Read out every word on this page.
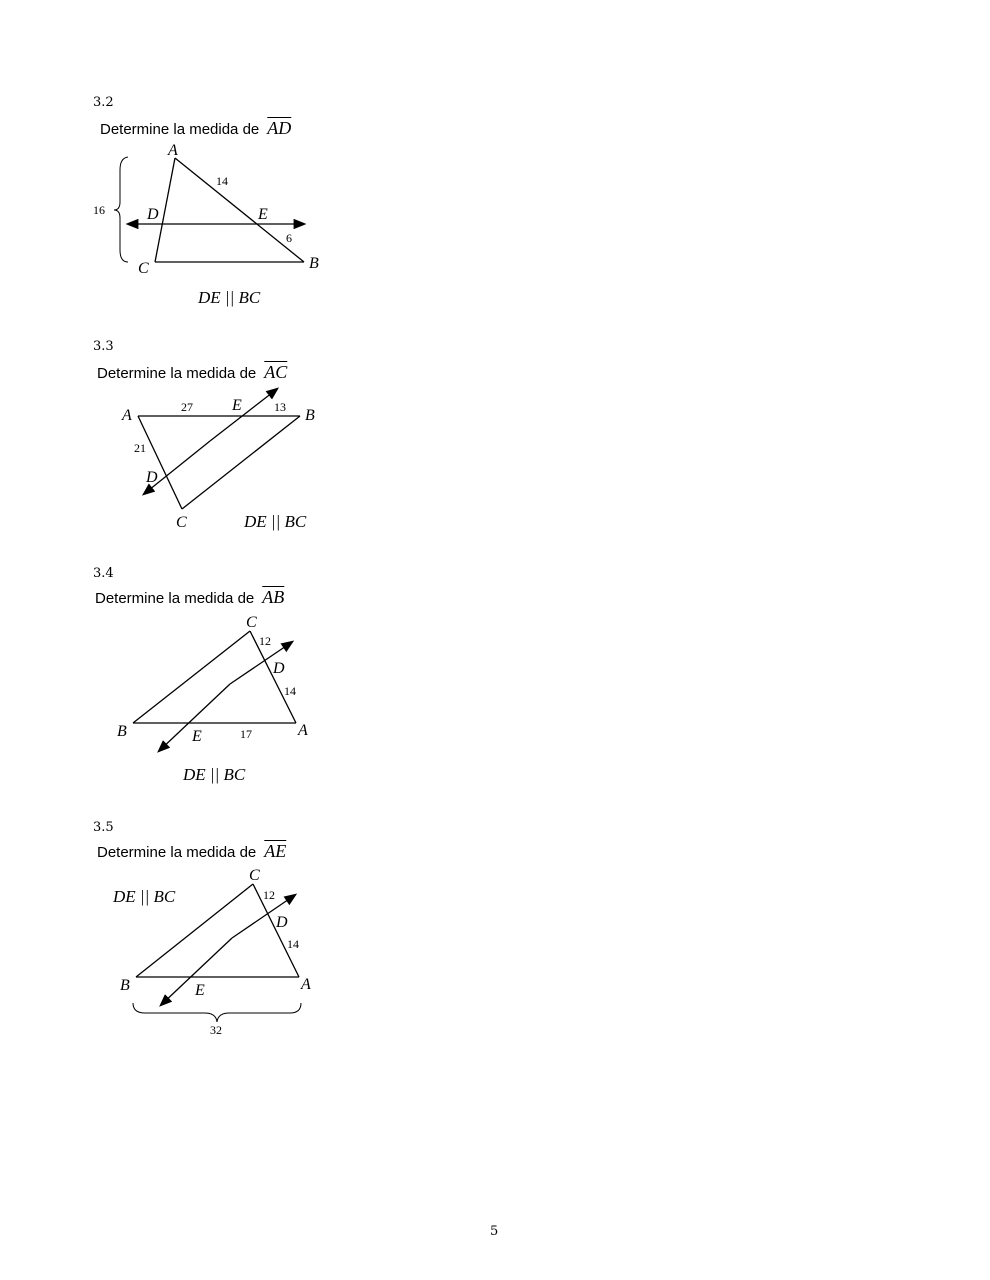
3.2
Determine la medida de $\overline{AD}$
A
D	E
C	B
14
6
16
DE || BC
3.3
Determine la medida de $\overline{AC}$
A
E
B
D
C
27	13
21
DE || BC
3.4
Determine la medida de $\overline{AB}$
C
D
B	E	A
12
14
17
DE || BC
3.5
Determine la medida de $\overline{AE}$
C
D
B	E	A
12
14
32
DE || BC
5
